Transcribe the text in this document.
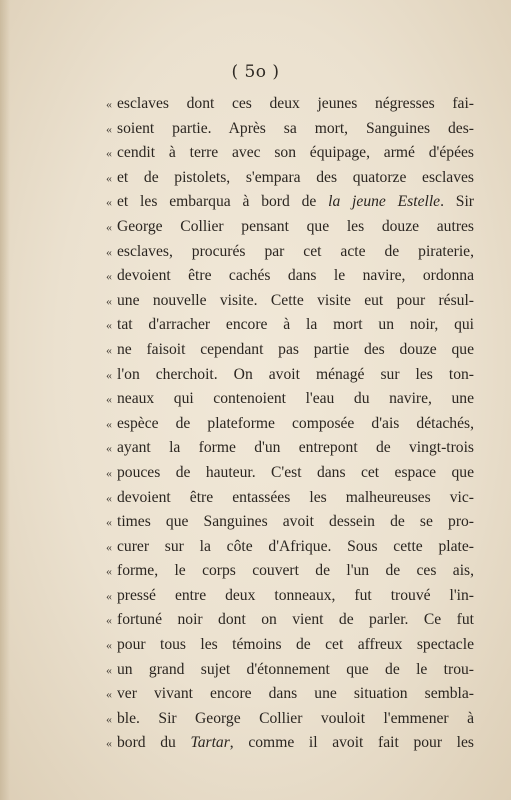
( 5o )
« esclaves dont ces deux jeunes négresses fai-
« soient partie. Après sa mort, Sanguines des-
« cendit à terre avec son équipage, armé d'épées
« et de pistolets, s'empara des quatorze esclaves
« et les embarqua à bord de la jeune Estelle. Sir
« George Collier pensant que les douze autres
« esclaves, procurés par cet acte de piraterie,
« devoient être cachés dans le navire, ordonna
« une nouvelle visite. Cette visite eut pour résul-
« tat d'arracher encore à la mort un noir, qui
« ne faisoit cependant pas partie des douze que
« l'on cherchoit. On avoit ménagé sur les ton-
« neaux qui contenoient l'eau du navire, une
« espèce de plateforme composée d'ais détachés,
« ayant la forme d'un entrepont de vingt-trois
« pouces de hauteur. C'est dans cet espace que
« devoient être entassées les malheureuses vic-
« times que Sanguines avoit dessein de se pro-
« curer sur la côte d'Afrique. Sous cette plate-
« forme, le corps couvert de l'un de ces ais,
« pressé entre deux tonneaux, fut trouvé l'in-
« fortuné noir dont on vient de parler. Ce fut
« pour tous les témoins de cet affreux spectacle
« un grand sujet d'étonnement que de le trou-
« ver vivant encore dans une situation sembla-
« ble. Sir George Collier vouloit l'emmener à
« bord du Tartar, comme il avoit fait pour les
